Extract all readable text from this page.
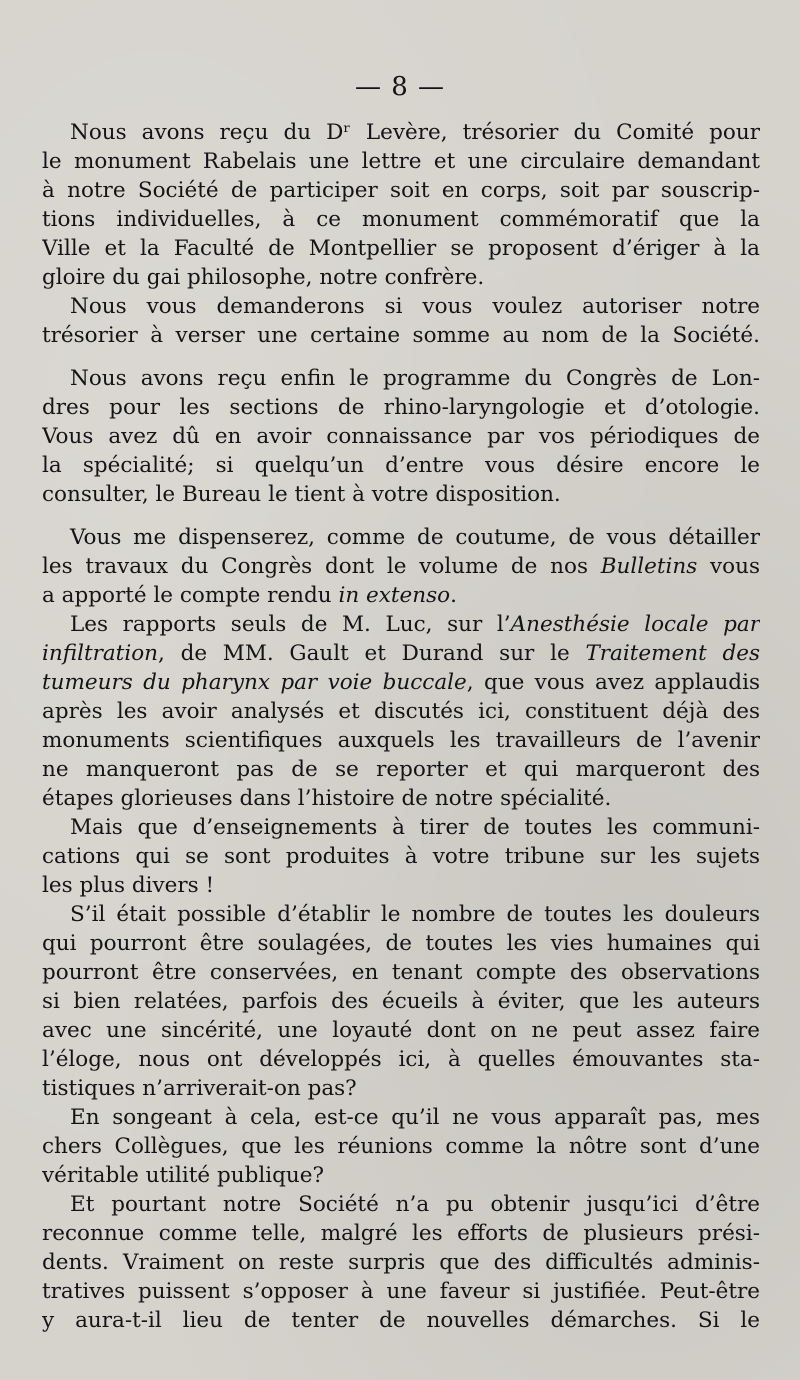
— 8 —
Nous avons reçu du Dʳ Levère, trésorier du Comité pour
le monument Rabelais une lettre et une circulaire demandant
à notre Société de participer soit en corps, soit par souscrip-
tions individuelles, à ce monument commémoratif que la
Ville et la Faculté de Montpellier se proposent d’ériger à la
gloire du gai philosophe, notre confrère.
Nous vous demanderons si vous voulez autoriser notre
trésorier à verser une certaine somme au nom de la Société.
Nous avons reçu enfin le programme du Congrès de Lon-
dres pour les sections de rhino-laryngologie et d’otologie.
Vous avez dû en avoir connaissance par vos périodiques de
la spécialité; si quelqu’un d’entre vous désire encore le
consulter, le Bureau le tient à votre disposition.
Vous me dispenserez, comme de coutume, de vous détailler
les travaux du Congrès dont le volume de nos Bulletins vous
a apporté le compte rendu in extenso.
Les rapports seuls de M. Luc, sur l’Anesthésie locale par
infiltration, de MM. Gault et Durand sur le Traitement des
tumeurs du pharynx par voie buccale, que vous avez applaudis
après les avoir analysés et discutés ici, constituent déjà des
monuments scientifiques auxquels les travailleurs de l’avenir
ne manqueront pas de se reporter et qui marqueront des
étapes glorieuses dans l’histoire de notre spécialité.
Mais que d’enseignements à tirer de toutes les communi-
cations qui se sont produites à votre tribune sur les sujets
les plus divers !
S’il était possible d’établir le nombre de toutes les douleurs
qui pourront être soulagées, de toutes les vies humaines qui
pourront être conservées, en tenant compte des observations
si bien relatées, parfois des écueils à éviter, que les auteurs
avec une sincérité, une loyauté dont on ne peut assez faire
l’éloge, nous ont développés ici, à quelles émouvantes sta-
tistiques n’arriverait-on pas?
En songeant à cela, est-ce qu’il ne vous apparaît pas, mes
chers Collègues, que les réunions comme la nôtre sont d’une
véritable utilité publique?
Et pourtant notre Société n’a pu obtenir jusqu’ici d’être
reconnue comme telle, malgré les efforts de plusieurs prési-
dents. Vraiment on reste surpris que des difficultés adminis-
tratives puissent s’opposer à une faveur si justifiée. Peut-être
y aura-t-il lieu de tenter de nouvelles démarches. Si le
